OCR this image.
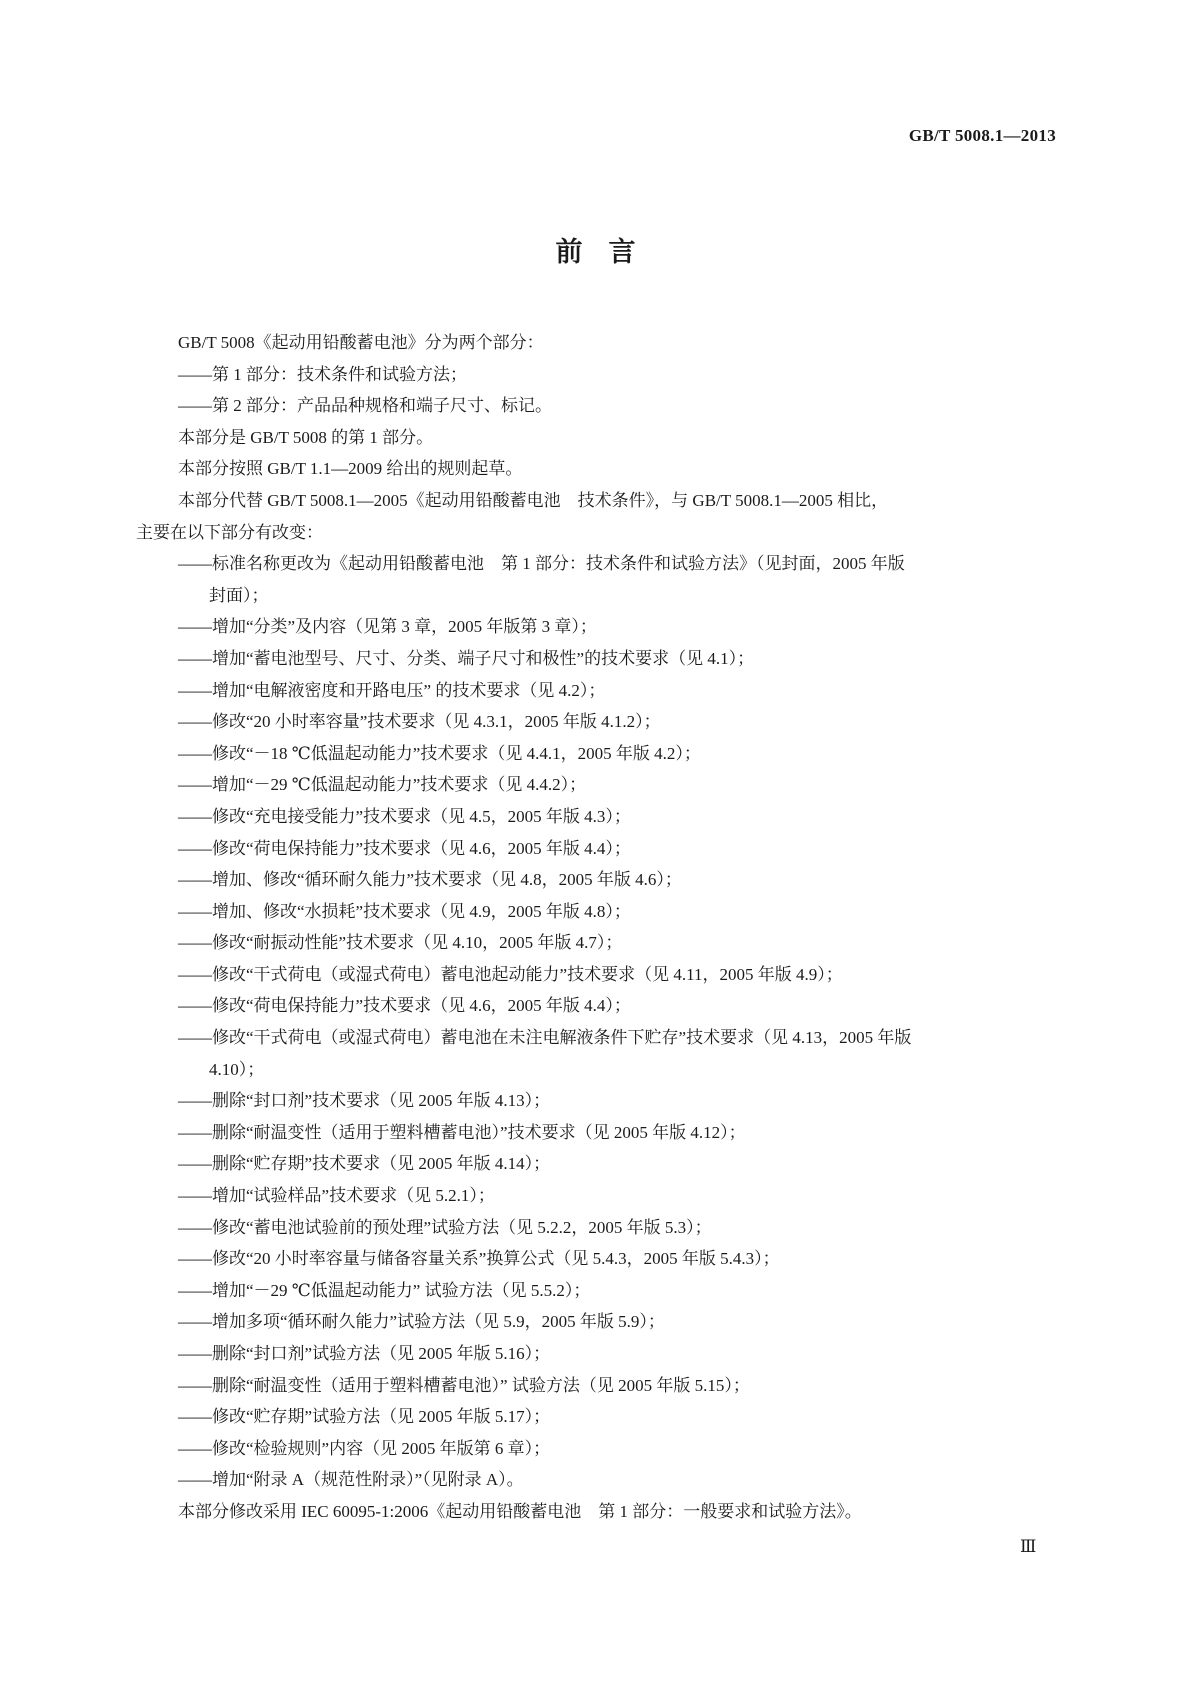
GB/T 5008.1—2013
前言
GB/T 5008《起动用铅酸蓄电池》分为两个部分：
——第 1 部分：技术条件和试验方法；
——第 2 部分：产品品种规格和端子尺寸、标记。
本部分是 GB/T 5008 的第 1 部分。
本部分按照 GB/T 1.1—2009 给出的规则起草。
本部分代替 GB/T 5008.1—2005《起动用铅酸蓄电池　技术条件》，与 GB/T 5008.1—2005 相比，
主要在以下部分有改变：
——标准名称更改为《起动用铅酸蓄电池　第 1 部分：技术条件和试验方法》（见封面，2005 年版
封面）；
——增加“分类”及内容（见第 3 章，2005 年版第 3 章）；
——增加“蓄电池型号、尺寸、分类、端子尺寸和极性”的技术要求（见 4.1）；
——增加“电解液密度和开路电压” 的技术要求（见 4.2）；
——修改“20 小时率容量”技术要求（见 4.3.1，2005 年版 4.1.2）；
——修改“－18 ℃低温起动能力”技术要求（见 4.4.1，2005 年版 4.2）；
——增加“－29 ℃低温起动能力”技术要求（见 4.4.2）；
——修改“充电接受能力”技术要求（见 4.5，2005 年版 4.3）；
——修改“荷电保持能力”技术要求（见 4.6，2005 年版 4.4）；
——增加、修改“循环耐久能力”技术要求（见 4.8，2005 年版 4.6）；
——增加、修改“水损耗”技术要求（见 4.9，2005 年版 4.8）；
——修改“耐振动性能”技术要求（见 4.10，2005 年版 4.7）；
——修改“干式荷电（或湿式荷电）蓄电池起动能力”技术要求（见 4.11，2005 年版 4.9）；
——修改“荷电保持能力”技术要求（见 4.6，2005 年版 4.4）；
——修改“干式荷电（或湿式荷电）蓄电池在未注电解液条件下贮存”技术要求（见 4.13，2005 年版
4.10）；
——删除“封口剂”技术要求（见 2005 年版 4.13）；
——删除“耐温变性（适用于塑料槽蓄电池）”技术要求（见 2005 年版 4.12）；
——删除“贮存期”技术要求（见 2005 年版 4.14）；
——增加“试验样品”技术要求（见 5.2.1）；
——修改“蓄电池试验前的预处理”试验方法（见 5.2.2，2005 年版 5.3）；
——修改“20 小时率容量与储备容量关系”换算公式（见 5.4.3，2005 年版 5.4.3）；
——增加“－29 ℃低温起动能力” 试验方法（见 5.5.2）；
——增加多项“循环耐久能力”试验方法（见 5.9，2005 年版 5.9）；
——删除“封口剂”试验方法（见 2005 年版 5.16）；
——删除“耐温变性（适用于塑料槽蓄电池）” 试验方法（见 2005 年版 5.15）；
——修改“贮存期”试验方法（见 2005 年版 5.17）；
——修改“检验规则”内容（见 2005 年版第 6 章）；
——增加“附录 A（规范性附录）”（见附录 A）。
本部分修改采用 IEC 60095-1:2006《起动用铅酸蓄电池　第 1 部分：一般要求和试验方法》。
Ⅲ
